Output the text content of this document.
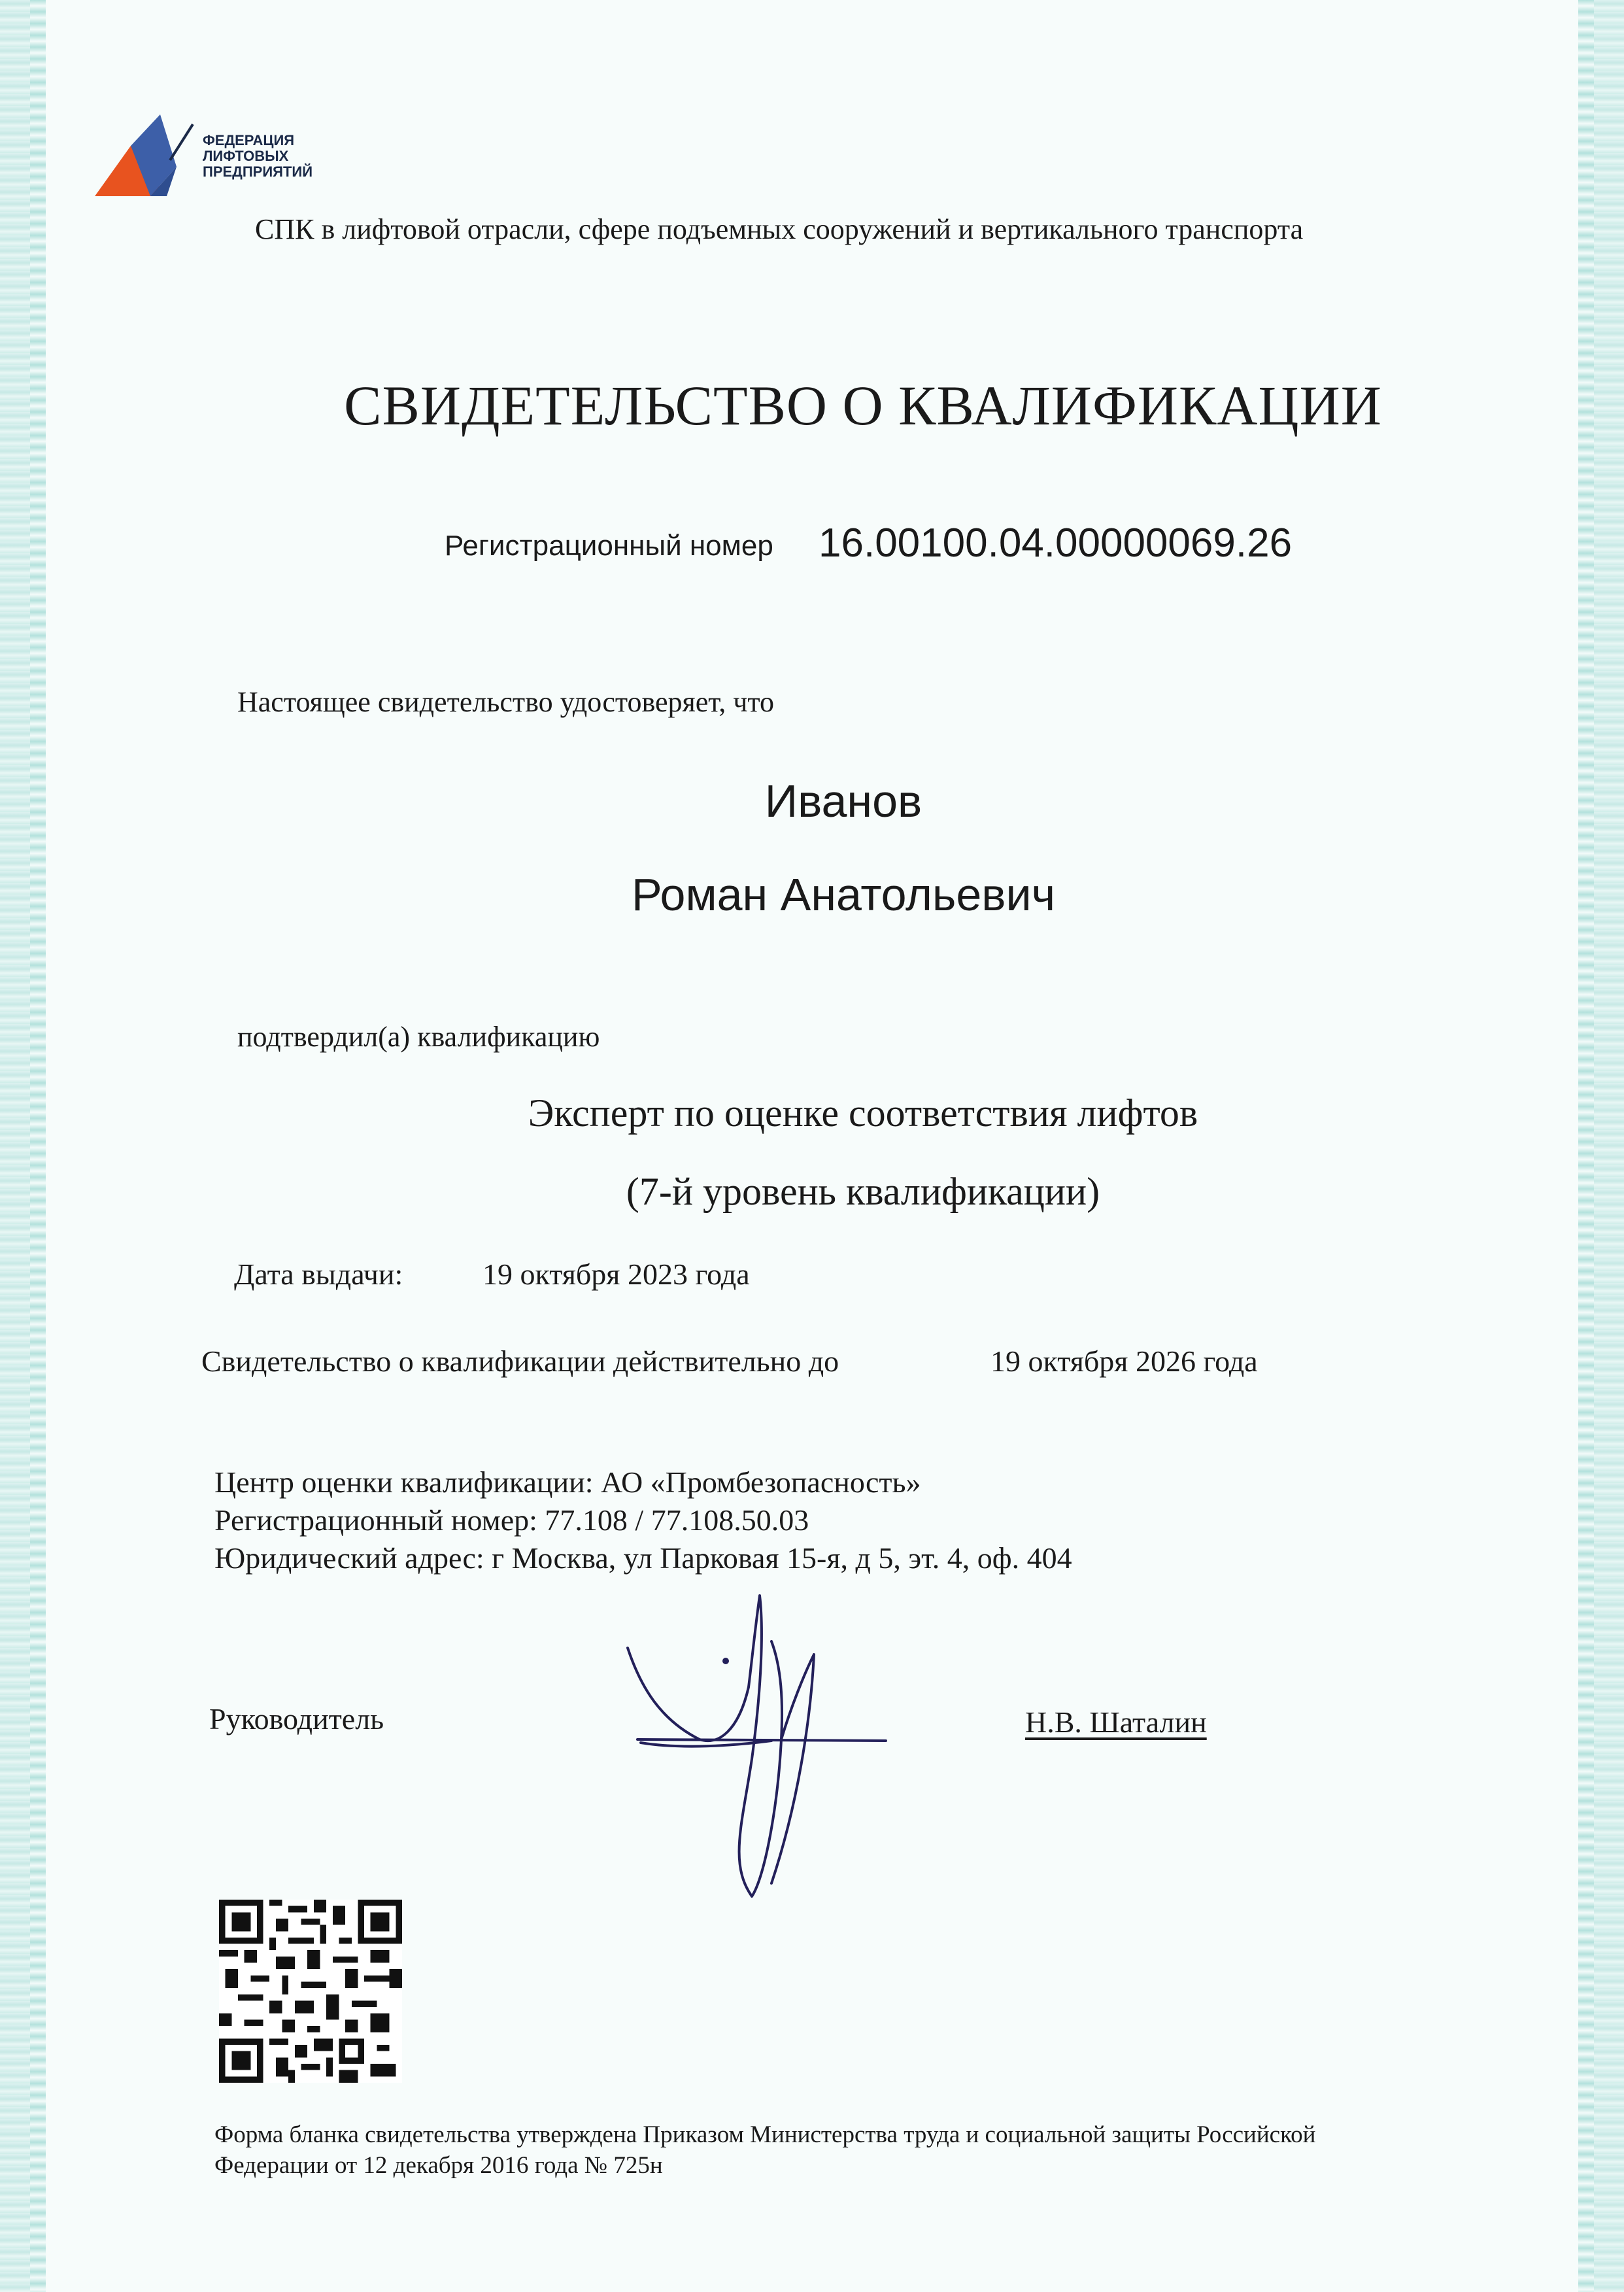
ФЕДЕРАЦИЯ
ЛИФТОВЫХ
ПРЕДПРИЯТИЙ
СПК в лифтовой отрасли, сфере подъемных сооружений и вертикального транспорта
СВИДЕТЕЛЬСТВО О КВАЛИФИКАЦИИ
Регистрационный номер 16.00100.04.00000069.26
Настоящее свидетельство удостоверяет, что
Иванов
Роман Анатольевич
подтвердил(а) квалификацию
Эксперт по оценке соответствия лифтов
(7-й уровень квалификации)
Дата выдачи:	19 октября 2023 года
Свидетельство о квалификации действительно до	19 октября 2026 года
Центр оценки квалификации: АО «Промбезопасность»
Регистрационный номер: 77.108 / 77.108.50.03
Юридический адрес: г Москва, ул Парковая 15-я, д 5, эт. 4, оф. 404
Руководитель	Н.В. Шаталин
Форма бланка свидетельства утверждена Приказом Министерства труда и социальной защиты Российской
Федерации от 12 декабря 2016 года № 725н
